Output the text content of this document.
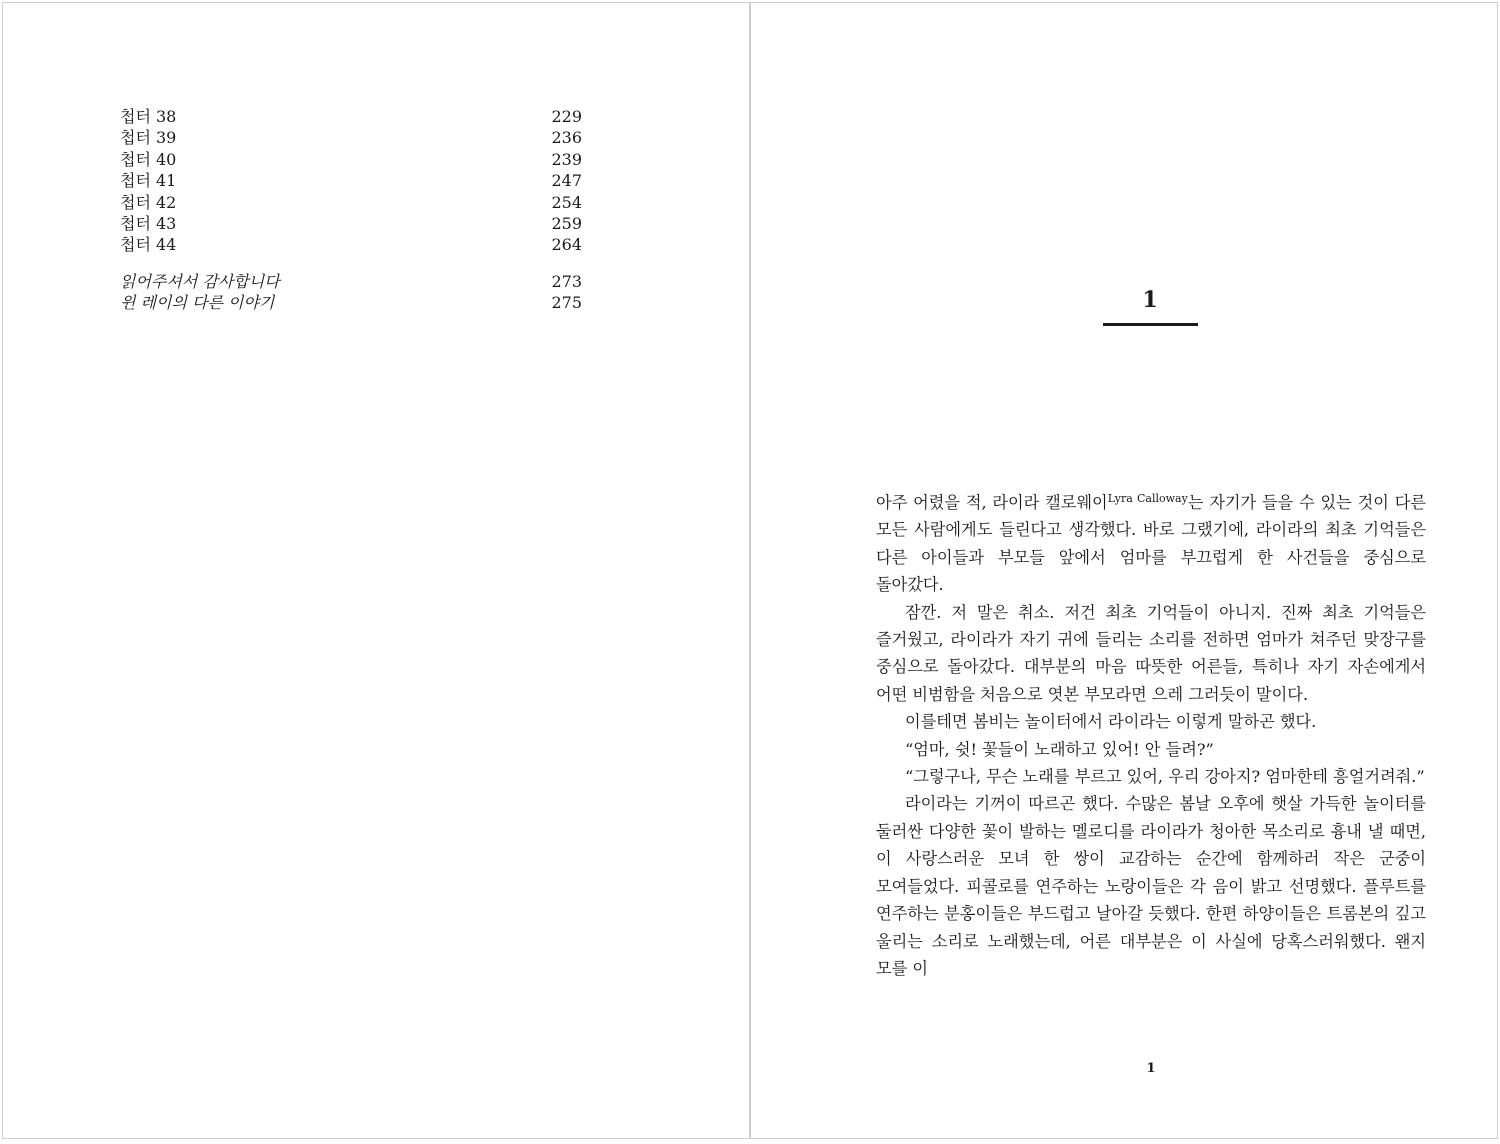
첩터 38	229
첩터 39	236
첩터 40	239
첩터 41	247
첩터 42	254
첩터 43	259
첩터 44	264
읽어주셔서 감사합니다	273
윈 레이의 다른 이야기	275	1

아주 어렸을 적, 라이라 캘로웨이$^{Lyra Calloway}$는 자기가 들을 수 있는 것이 다른 모든 사람에게도 들린다고 생각했다. 바로 그랬기에, 라이라의 최초 기억들은 다른 아이들과 부모들 앞에서 엄마를 부끄럽게 한 사건들을 중심으로 돌아갔다.

잠깐. 저 말은 취소. 저건 최초 기억들이 아니지. 진짜 최초 기억들은 즐거웠고, 라이라가 자기 귀에 들리는 소리를 전하면 엄마가 쳐주던 맞장구를 중심으로 돌아갔다. 대부분의 마음 따뜻한 어른들, 특히나 자기 자손에게서 어떤 비범함을 처음으로 엿본 부모라면 으레 그러듯이 말이다.

이를테면 봄비는 놀이터에서 라이라는 이렇게 말하곤 했다.

“엄마, 쉿! 꽃들이 노래하고 있어! 안 들려?”

“그렇구나, 무슨 노래를 부르고 있어, 우리 강아지? 엄마한테 흥얼거려줘.”

라이라는 기꺼이 따르곤 했다. 수많은 봄날 오후에 햇살 가득한 놀이터를 둘러싼 다양한 꽃이 발하는 멜로디를 라이라가 청아한 목소리로 흉내 낼 때면, 이 사랑스러운 모녀 한 쌍이 교감하는 순간에 함께하러 작은 군중이 모여들었다. 피콜로를 연주하는 노랑이들은 각 음이 밝고 선명했다. 플루트를 연주하는 분홍이들은 부드럽고 날아갈 듯했다. 한편 하양이들은 트롬본의 깊고 울리는 소리로 노래했는데, 어른 대부분은 이 사실에 당혹스러워했다. 왠지 모를 이

1
